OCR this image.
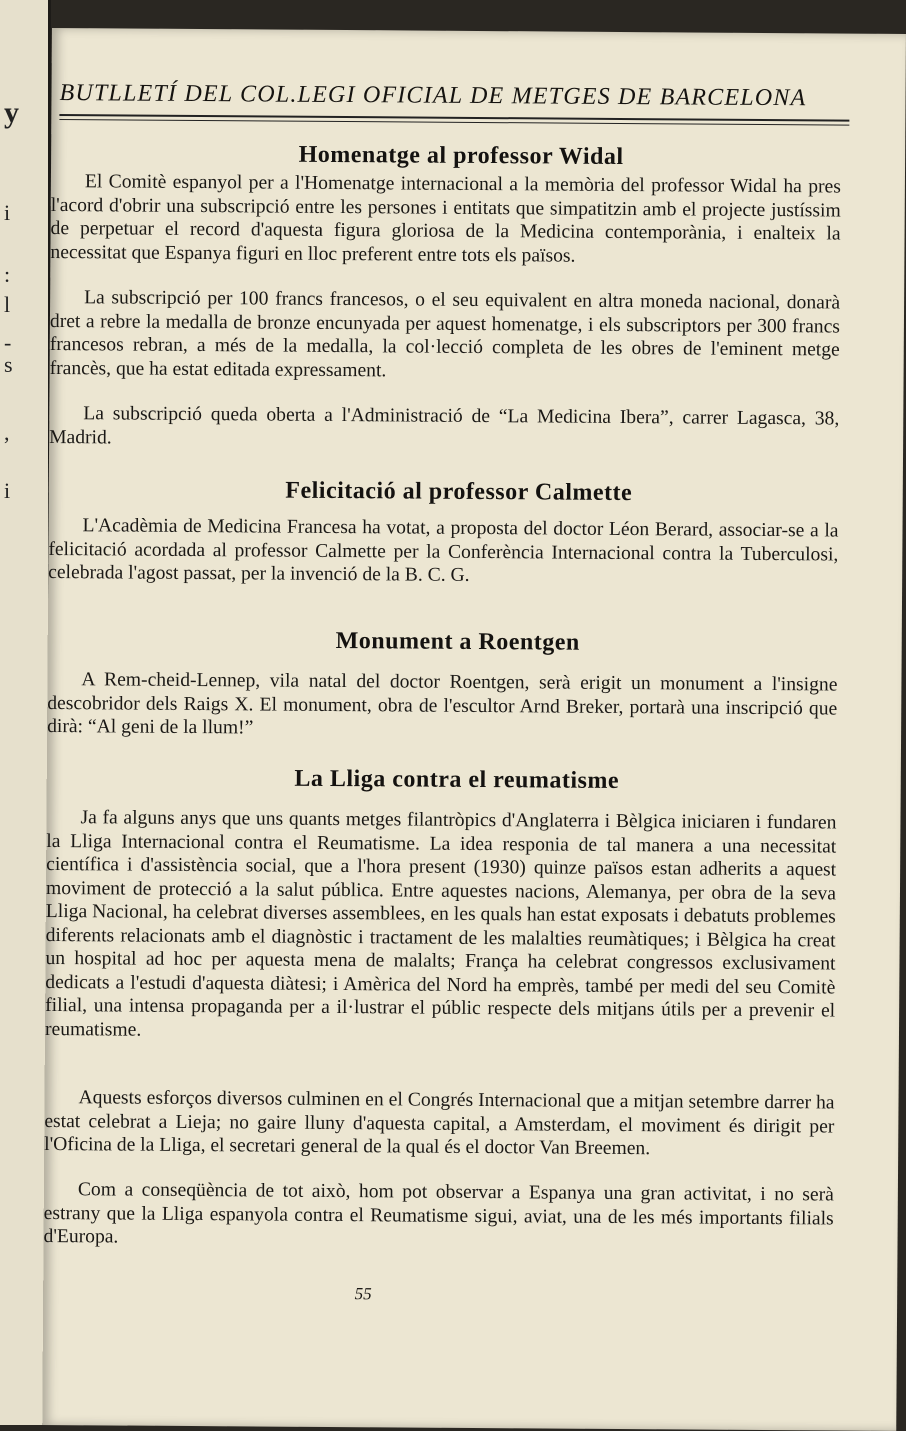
y
i
:
l
-
s
,
i
BUTLLETÍ DEL COL.LEGI OFICIAL DE METGES DE BARCELONA
Homenatge al professor Widal
El Comitè espanyol per a l'Homenatge internacional a la memòria del professor Widal ha pres l'acord d'obrir una subscripció entre les persones i entitats que simpatitzin amb el projecte justíssim de perpetuar el record d'aquesta figura gloriosa de la Medicina contemporània, i enalteix la necessitat que Espanya figuri en lloc preferent entre tots els països.
La subscripció per 100 francs francesos, o el seu equivalent en altra moneda nacional, donarà dret a rebre la medalla de bronze encunyada per aquest homenatge, i els subscriptors per 300 francs francesos rebran, a més de la medalla, la col·lecció completa de les obres de l'eminent metge francès, que ha estat editada expressament.
La subscripció queda oberta a l'Administració de “La Medicina Ibera”, carrer Lagasca, 38, Madrid.
Felicitació al professor Calmette
L'Acadèmia de Medicina Francesa ha votat, a proposta del doctor Léon Berard, associar-se a la felicitació acordada al professor Calmette per la Conferència Internacional contra la Tuberculosi, celebrada l'agost passat, per la invenció de la B. C. G.
Monument a Roentgen
A Rem-cheid-Lennep, vila natal del doctor Roentgen, serà erigit un monument a l'insigne descobridor dels Raigs X. El monument, obra de l'escultor Arnd Breker, portarà una inscripció que dirà: “Al geni de la llum!”
La Lliga contra el reumatisme
Ja fa alguns anys que uns quants metges filantròpics d'Anglaterra i Bèlgica iniciaren i fundaren la Lliga Internacional contra el Reumatisme. La idea responia de tal manera a una necessitat científica i d'assistència social, que a l'hora present (1930) quinze països estan adherits a aquest moviment de protecció a la salut pública. Entre aquestes nacions, Alemanya, per obra de la seva Lliga Nacional, ha celebrat diverses assemblees, en les quals han estat exposats i debatuts problemes diferents relacionats amb el diagnòstic i tractament de les malalties reumàtiques; i Bèlgica ha creat un hospital ad hoc per aquesta mena de malalts; França ha celebrat congressos exclusivament dedicats a l'estudi d'aquesta diàtesi; i Amèrica del Nord ha emprès, també per medi del seu Comitè filial, una intensa propaganda per a il·lustrar el públic respecte dels mitjans útils per a prevenir el reumatisme.
Aquests esforços diversos culminen en el Congrés Internacional que a mitjan setembre darrer ha estat celebrat a Lieja; no gaire lluny d'aquesta capital, a Amsterdam, el moviment és dirigit per l'Oficina de la Lliga, el secretari general de la qual és el doctor Van Breemen.
Com a conseqüència de tot això, hom pot observar a Espanya una gran activitat, i no serà estrany que la Lliga espanyola contra el Reumatisme sigui, aviat, una de les més importants filials d'Europa.
55
